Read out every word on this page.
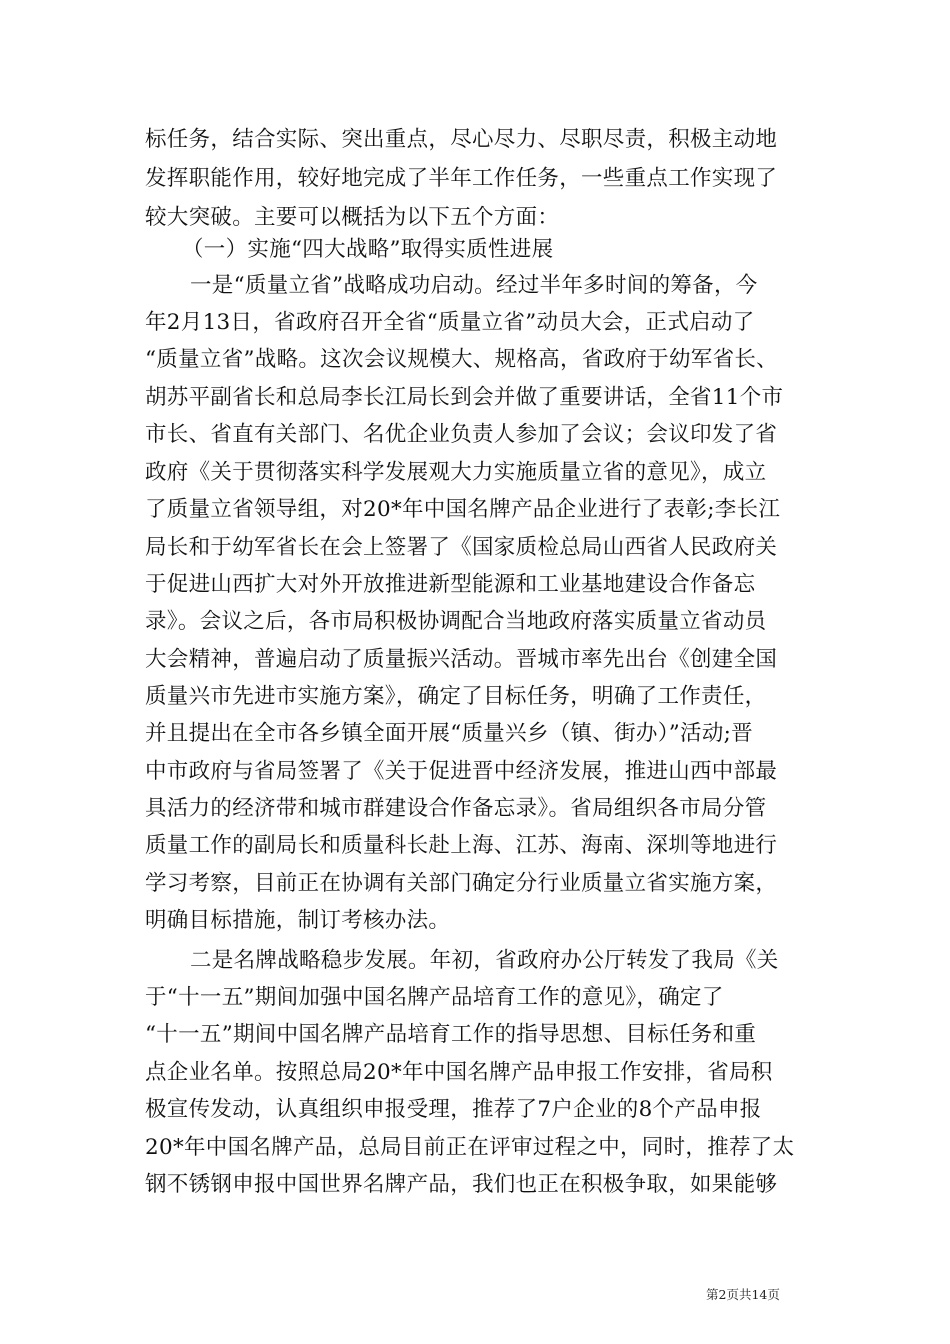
标任务，结合实际、突出重点，尽心尽力、尽职尽责，积极主动地
发挥职能作用，较好地完成了半年工作任务，一些重点工作实现了
较大突破。主要可以概括为以下五个方面：
（一）实施“四大战略”取得实质性进展
一是“质量立省”战略成功启动。经过半年多时间的筹备，今
年2月13日，省政府召开全省“质量立省”动员大会，正式启动了
“质量立省”战略。这次会议规模大、规格高，省政府于幼军省长、
胡苏平副省长和总局李长江局长到会并做了重要讲话，全省11个市
市长、省直有关部门、名优企业负责人参加了会议；会议印发了省
政府《关于贯彻落实科学发展观大力实施质量立省的意见》，成立
了质量立省领导组，对20*年中国名牌产品企业进行了表彰;李长江
局长和于幼军省长在会上签署了《国家质检总局山西省人民政府关
于促进山西扩大对外开放推进新型能源和工业基地建设合作备忘
录》。会议之后，各市局积极协调配合当地政府落实质量立省动员
大会精神，普遍启动了质量振兴活动。晋城市率先出台《创建全国
质量兴市先进市实施方案》，确定了目标任务，明确了工作责任，
并且提出在全市各乡镇全面开展“质量兴乡（镇、街办）”活动;晋
中市政府与省局签署了《关于促进晋中经济发展，推进山西中部最
具活力的经济带和城市群建设合作备忘录》。省局组织各市局分管
质量工作的副局长和质量科长赴上海、江苏、海南、深圳等地进行
学习考察，目前正在协调有关部门确定分行业质量立省实施方案，
明确目标措施，制订考核办法。
二是名牌战略稳步发展。年初，省政府办公厅转发了我局《关
于“十一五”期间加强中国名牌产品培育工作的意见》，确定了
“十一五”期间中国名牌产品培育工作的指导思想、目标任务和重
点企业名单。按照总局20*年中国名牌产品申报工作安排，省局积
极宣传发动，认真组织申报受理，推荐了7户企业的8个产品申报
20*年中国名牌产品，总局目前正在评审过程之中，同时，推荐了太
钢不锈钢申报中国世界名牌产品，我们也正在积极争取，如果能够
第2页共14页
